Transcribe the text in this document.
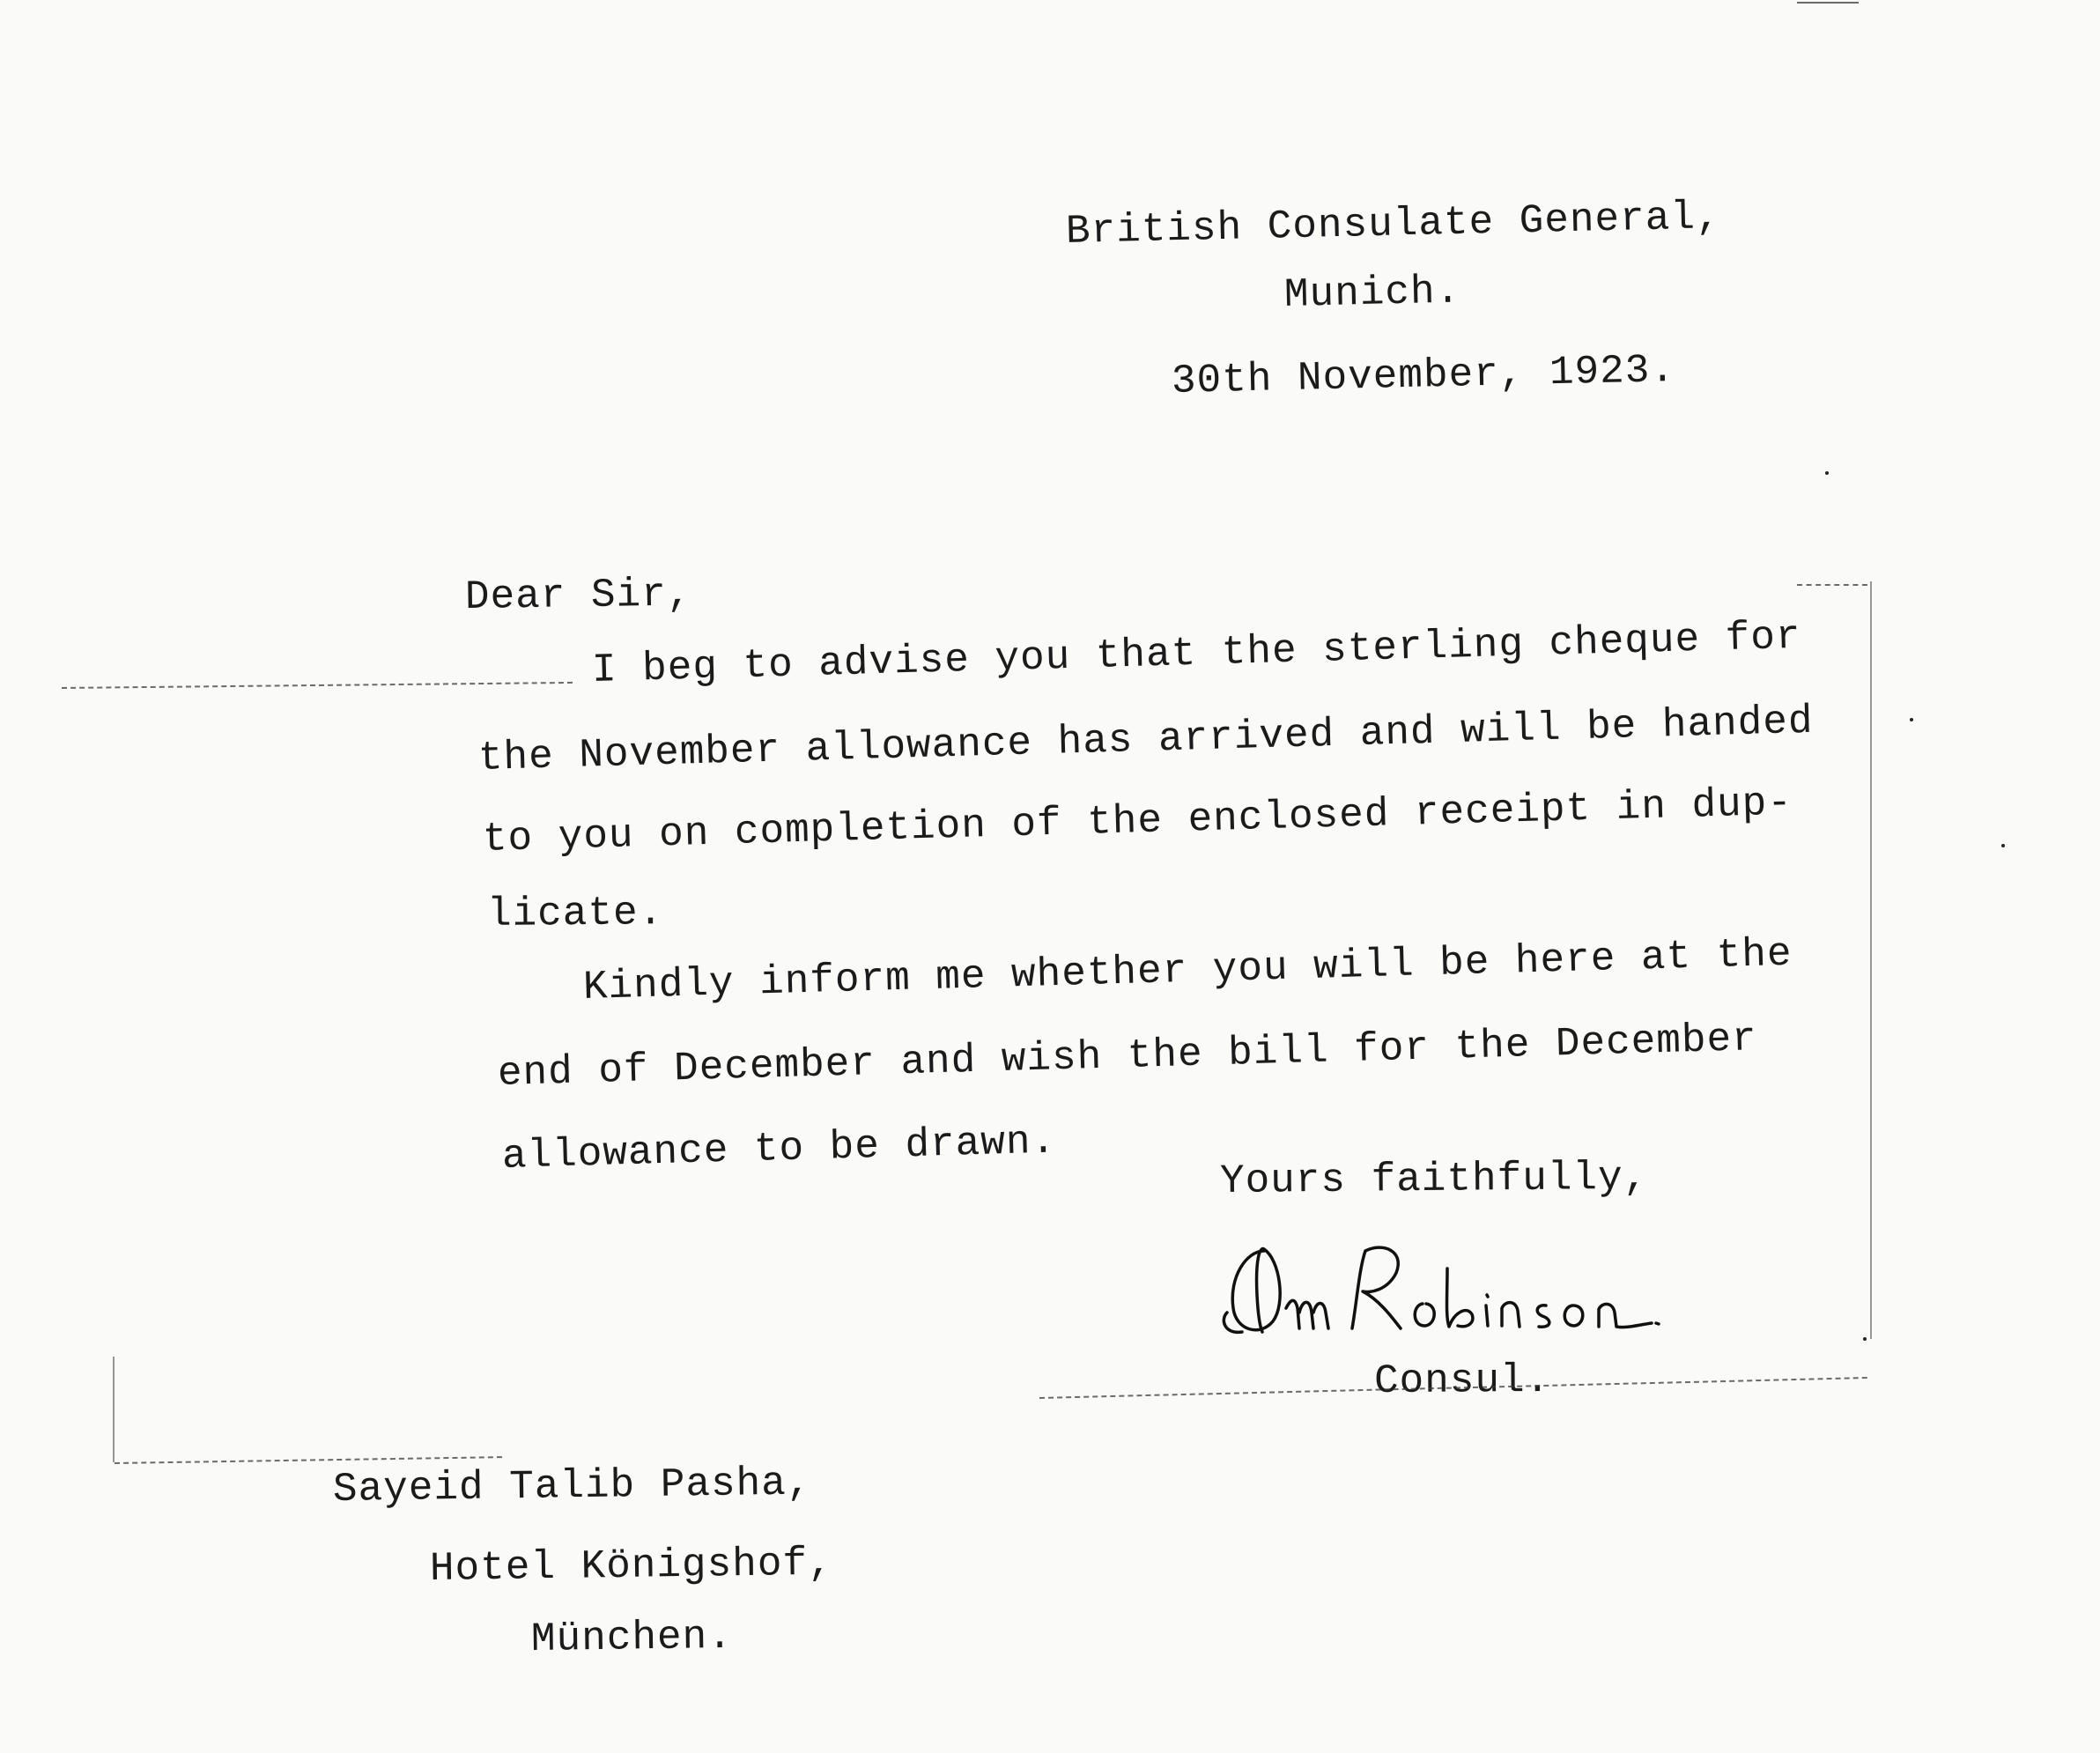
British Consulate General,
Munich.
30th November, 1923.
Dear Sir,
I beg to advise you that the sterling cheque for
the November allowance has arrived and will be handed
to you on completion of the enclosed receipt in dup-
licate.
Kindly inform me whether you will be here at the
end of December and wish the bill for the December
allowance to be drawn.	Yours faithfully,
Consul.
Sayeid Talib Pasha,
Hotel Königshof,
München.
